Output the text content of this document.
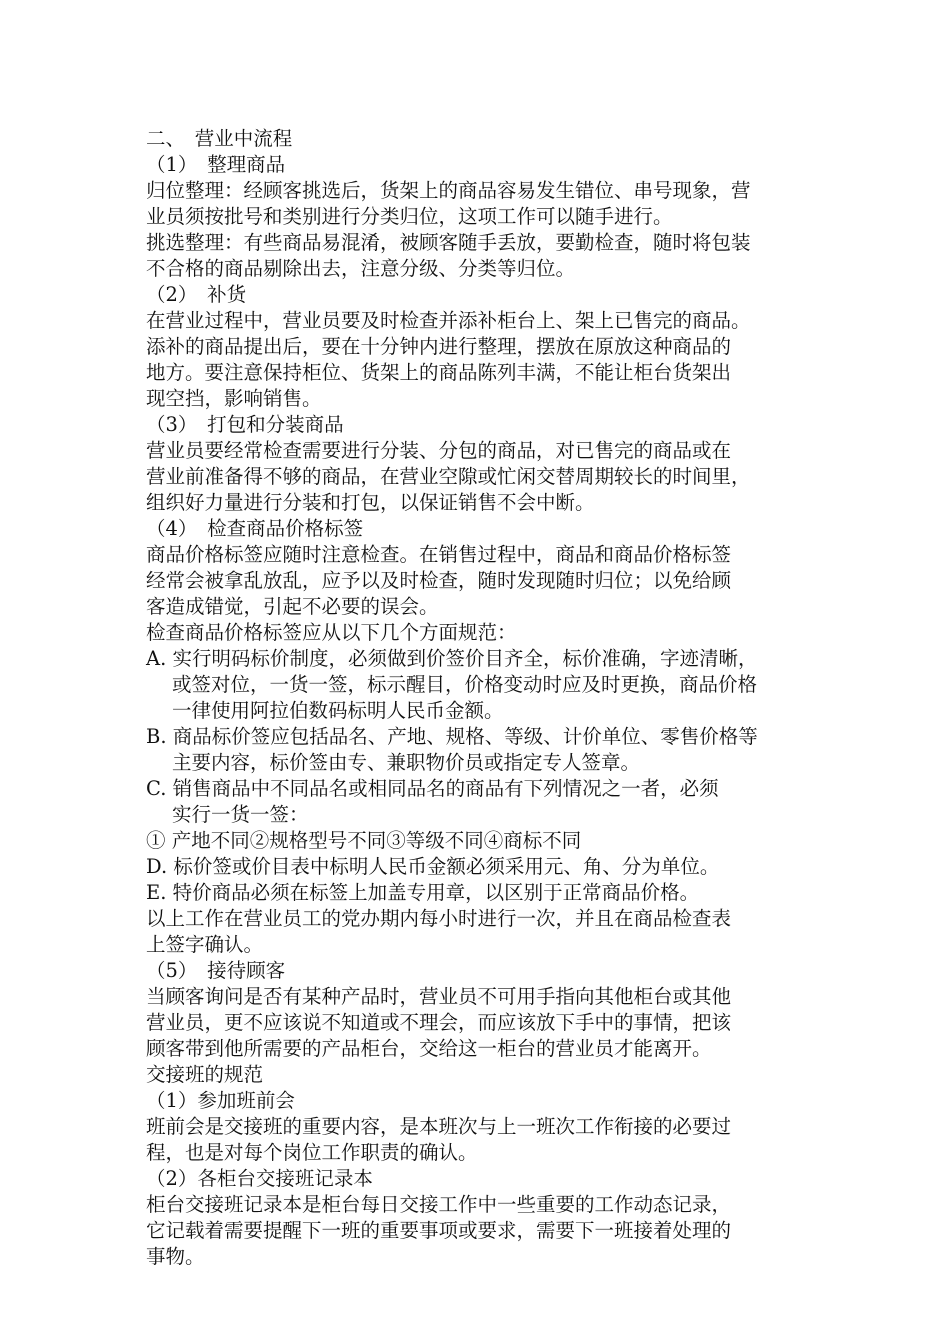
二、　营业中流程

（1）　整理商品

归位整理：经顾客挑选后，货架上的商品容易发生错位、串号现象，营

业员须按批号和类别进行分类归位，这项工作可以随手进行。

挑选整理：有些商品易混淆，被顾客随手丢放，要勤检查，随时将包装

不合格的商品剔除出去，注意分级、分类等归位。

（2）　补货

在营业过程中，营业员要及时检查并添补柜台上、架上已售完的商品。

添补的商品提出后，要在十分钟内进行整理，摆放在原放这种商品的

地方。要注意保持柜位、货架上的商品陈列丰满，不能让柜台货架出

现空挡，影响销售。

（3）　打包和分装商品

营业员要经常检查需要进行分装、分包的商品，对已售完的商品或在

营业前准备得不够的商品，在营业空隙或忙闲交替周期较长的时间里，

组织好力量进行分装和打包，以保证销售不会中断。

（4）　检查商品价格标签

商品价格标签应随时注意检查。在销售过程中，商品和商品价格标签

经常会被拿乱放乱，应予以及时检查，随时发现随时归位；以免给顾

客造成错觉，引起不必要的误会。

检查商品价格标签应从以下几个方面规范：

A. 实行明码标价制度，必须做到价签价目齐全，标价准确，字迹清晰，

或签对位，一货一签，标示醒目，价格变动时应及时更换，商品价格

一律使用阿拉伯数码标明人民币金额。

B. 商品标价签应包括品名、产地、规格、等级、计价单位、零售价格等

主要内容，标价签由专、兼职物价员或指定专人签章。

C. 销售商品中不同品名或相同品名的商品有下列情况之一者，必须

实行一货一签：

① 产地不同②规格型号不同③等级不同④商标不同

D. 标价签或价目表中标明人民币金额必须采用元、角、分为单位。

E. 特价商品必须在标签上加盖专用章，以区别于正常商品价格。

以上工作在营业员工的党办期内每小时进行一次，并且在商品检查表

上签字确认。

（5）　接待顾客

当顾客询问是否有某种产品时，营业员不可用手指向其他柜台或其他

营业员，更不应该说不知道或不理会，而应该放下手中的事情，把该

顾客带到他所需要的产品柜台，交给这一柜台的营业员才能离开。

交接班的规范

（1）参加班前会

班前会是交接班的重要内容，是本班次与上一班次工作衔接的必要过

程，也是对每个岗位工作职责的确认。

（2）各柜台交接班记录本

柜台交接班记录本是柜台每日交接工作中一些重要的工作动态记录，

它记载着需要提醒下一班的重要事项或要求，需要下一班接着处理的

事物。
